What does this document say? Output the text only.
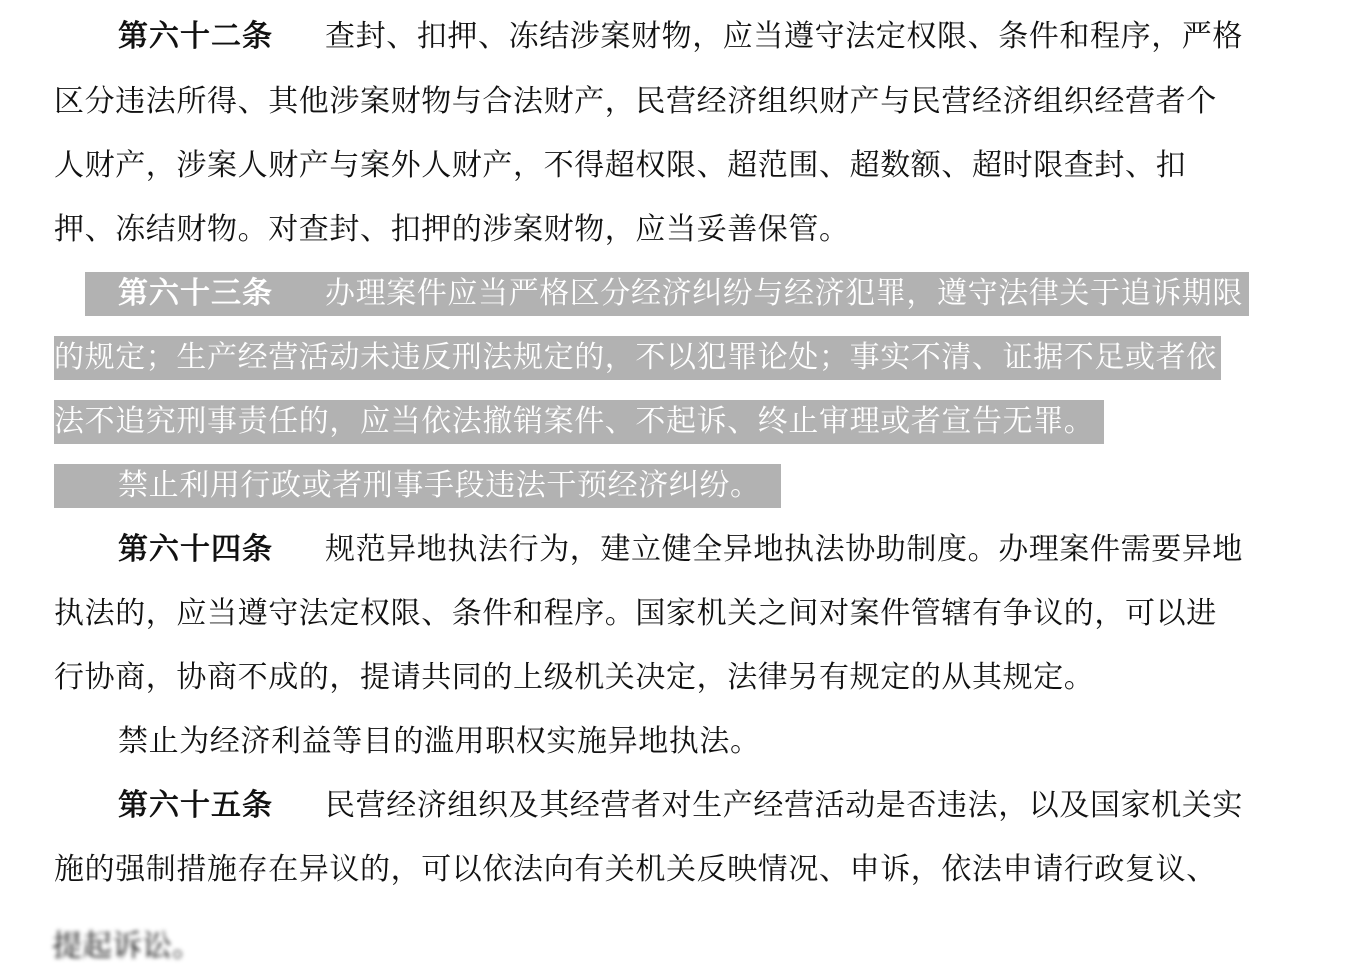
第六十二条 查封、扣押、冻结涉案财物，应当遵守法定权限、条件和程序，严格
区分违法所得、其他涉案财物与合法财产，民营经济组织财产与民营经济组织经营者个
人财产，涉案人财产与案外人财产，不得超权限、超范围、超数额、超时限查封、扣
押、冻结财物。对查封、扣押的涉案财物，应当妥善保管。
第六十三条 办理案件应当严格区分经济纠纷与经济犯罪，遵守法律关于追诉期限
的规定；生产经营活动未违反刑法规定的，不以犯罪论处；事实不清、证据不足或者依
法不追究刑事责任的，应当依法撤销案件、不起诉、终止审理或者宣告无罪。
禁止利用行政或者刑事手段违法干预经济纠纷。
第六十四条 规范异地执法行为，建立健全异地执法协助制度。办理案件需要异地
执法的，应当遵守法定权限、条件和程序。国家机关之间对案件管辖有争议的，可以进
行协商，协商不成的，提请共同的上级机关决定，法律另有规定的从其规定。
禁止为经济利益等目的滥用职权实施异地执法。
第六十五条 民营经济组织及其经营者对生产经营活动是否违法，以及国家机关实
施的强制措施存在异议的，可以依法向有关机关反映情况、申诉，依法申请行政复议、
提起诉讼。
